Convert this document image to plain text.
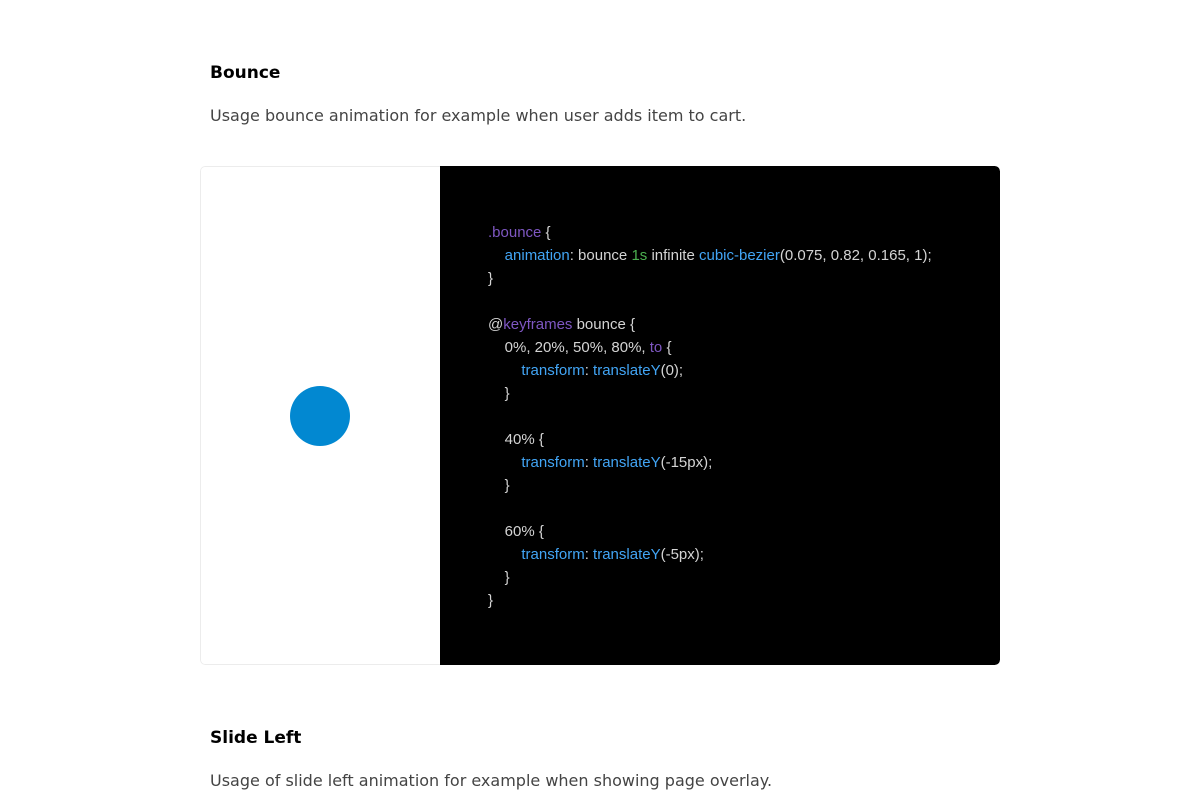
Bounce

Usage bounce animation for example when user adds item to cart.

.bounce {
animation: bounce 1s infinite cubic-bezier(0.075, 0.82, 0.165, 1);
}
@keyframes bounce {
0%, 20%, 50%, 80%, to {
transform: translateY(0);
}
40% {
transform: translateY(-15px);
}
60% {
transform: translateY(-5px);
}
}
Slide Left

Usage of slide left animation for example when showing page overlay.
